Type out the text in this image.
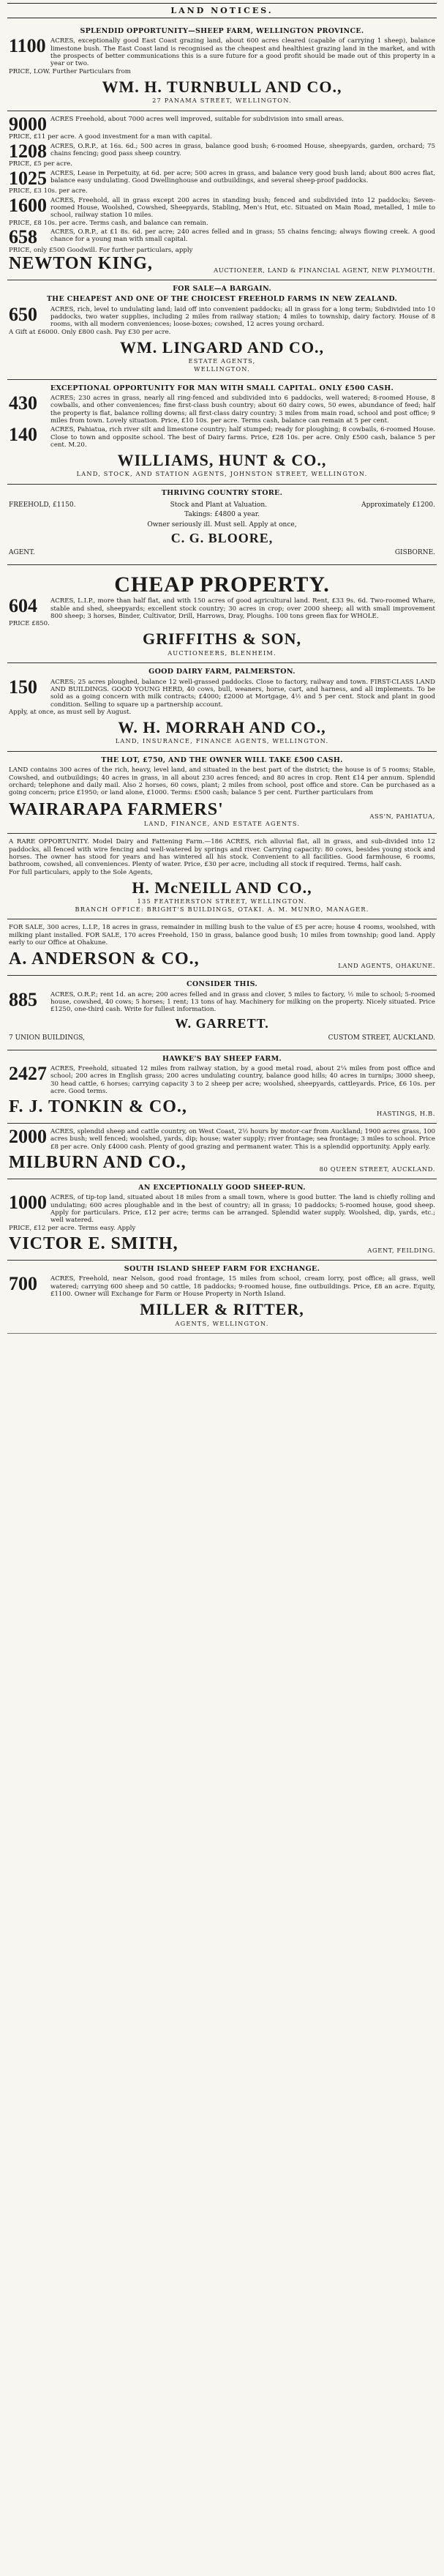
LAND NOTICES.
SPLENDID OPPORTUNITY—SHEEP FARM, WELLINGTON PROVINCE.
1100 ACRES, exceptionally good East Coast grazing land, about 600 acres cleared (capable of carrying 1 sheep), balance limestone bush. The East Coast land is recognised as the cheapest and healthiest grazing land in the market, and with the prospects of better communications this is a sure future for a good profit should be made out of this property in a year or two.
PRICE, LOW. Further Particulars from
WM. H. TURNBULL AND CO.,
27 PANAMA STREET, WELLINGTON.
9000 ACRES Freehold, about 7000 acres well improved, suitable for subdivision into small areas.
PRICE, £11 per acre. A good investment for a man with capital.
1208 ACRES, O.R.P., at 16s. 6d.; 500 acres in grass, balance good bush; 6-roomed House, sheepyards, garden, orchard; 75 chains fencing; good pass sheep country.
PRICE, £5 per acre.
1025 ACRES, Lease in Perpetuity, at 6d. per acre; 500 acres in grass, and balance very good bush land; about 800 acres flat, balance easy undulating. Good Dwellinghouse and outbuildings, and several sheep-proof paddocks.
PRICE, £3 10s. per acre.
1600 ACRES, Freehold, all in grass except 200 acres in standing bush; fenced and subdivided into 12 paddocks; Seven-roomed House, Woolshed, Cowshed, Sheepyards, Stabling, Men's Hut, etc. Situated on Main Road, metalled, 1 mile to school, railway station 10 miles.
PRICE, £8 10s. per acre. Terms cash, and balance can remain.
658	ACRES, O.R.P., at £1 8s. 6d. per acre; 240 acres felled and in grass; 55 chains fencing; always flowing creek. A good chance for a young man with small capital.
PRICE, only £500 Goodwill. For further particulars, apply
NEWTON KING,	AUCTIONEER, LAND & FINANCIAL AGENT, NEW PLYMOUTH.
FOR SALE—A BARGAIN.
THE CHEAPEST AND ONE OF THE CHOICEST FREEHOLD FARMS IN NEW ZEALAND.
650	ACRES, rich, level to undulating land; laid off into convenient paddocks; all in grass for a long term; Subdivided into 10 paddocks, two water supplies, including 2 miles from railway station; 4 miles to township, dairy factory. House of 8 rooms, with all modern conveniences; loose-boxes; cowshed, 12 acres young orchard.
A Gift at £6000. Only £800 cash. Pay £30 per acre.
WM. LINGARD AND CO.,
ESTATE AGENTS,
WELLINGTON.
EXCEPTIONAL OPPORTUNITY FOR MAN WITH SMALL CAPITAL. ONLY £500 CASH.
430	ACRES; 230 acres in grass, nearly all ring-fenced and subdivided into 6 paddocks, well watered; 8-roomed House, 8 cowballs, and other conveniences; fine first-class bush country; about 60 dairy cows, 50 ewes, abundance of feed; half the property is flat, balance rolling downs; all first-class dairy country; 3 miles from main road, school and post office; 9 miles from town. Lovely situation. Price, £10 10s. per acre. Terms cash, balance can remain at 5 per cent.
140	ACRES, Pahiatua, rich river silt and limestone country; half stumped; ready for ploughing; 8 cowbails, 6-roomed House. Close to town and opposite school. The best of Dairy farms. Price, £28 10s. per acre. Only £500 cash, balance 5 per cent. M.20.
WILLIAMS, HUNT & CO.,
LAND, STOCK, AND STATION AGENTS, JOHNSTON STREET, WELLINGTON.
THRIVING COUNTRY STORE.
FREEHOLD, £1150.	Stock and Plant at Valuation.	Approximately £1200.
Takings: £4800 a year.
Owner seriously ill. Must sell. Apply at once,
C. G. BLOORE,
AGENT.	GISBORNE.
CHEAP PROPERTY.
604	ACRES, L.I.P., more than half flat, and with 150 acres of good agricultural land. Rent, £33 9s. 6d. Two-roomed Whare, stable and shed, sheepyards; excellent stock country; 30 acres in crop; over 2000 sheep; all with small improvement 800 sheep; 3 horses, Binder, Cultivator, Drill, Harrows, Dray, Ploughs. 100 tons green flax for WHOLE.
PRICE £850.
GRIFFITHS & SON,
AUCTIONEERS, BLENHEIM.
GOOD DAIRY FARM, PALMERSTON.
150	ACRES; 25 acres ploughed, balance 12 well-grassed paddocks. Close to factory, railway and town. FIRST-CLASS LAND AND BUILDINGS. GOOD YOUNG HERD, 40 cows, bull, weaners, horse, cart, and harness, and all implements. To be sold as a going concern with milk contracts; £4000; £2000 at Mortgage, 4½ and 5 per cent. Stock and plant in good condition. Selling to square up a partnership account.
Apply, at once, as must sell by August.
W. H. MORRAH AND CO.,
LAND, INSURANCE, FINANCE AGENTS, WELLINGTON.
THE LOT, £750, AND THE OWNER WILL TAKE £500 CASH.
LAND contains 300 acres of the rich, heavy, level land, and situated in the best part of the district; the house is of 5 rooms; Stable, Cowshed, and outbuildings; 40 acres in grass, in all about 230 acres fenced; and 80 acres in crop. Rent £14 per annum. Splendid orchard; telephone and daily mail. Also 2 horses, 60 cows, plant; 2 miles from school, post office and store. Can be purchased as a going concern; price £1950; or land alone, £1000. Terms: £500 cash; balance 5 per cent. Further particulars from
WAIRARAPA FARMERS'	ASS'N, PAHIATUA,
LAND, FINANCE, AND ESTATE AGENTS.
A RARE OPPORTUNITY. Model Dairy and Fattening Farm.—186 ACRES, rich alluvial flat, all in grass, and sub-divided into 12 paddocks, all fenced with wire fencing and well-watered by springs and river. Carrying capacity: 80 cows, besides young stock and horses. The owner has stood for years and has wintered all his stock. Convenient to all facilities. Good farmhouse, 6 rooms, bathroom, cowshed, all conveniences. Plenty of water. Price, £30 per acre, including all stock if required. Terms, half cash.
For full particulars, apply to the Sole Agents,
H. McNEILL AND CO.,
135 FEATHERSTON STREET, WELLINGTON.
BRANCH OFFICE: BRIGHT'S BUILDINGS, OTAKI. A. M. MUNRO, MANAGER.
FOR SALE, 300 acres, L.I.P., 18 acres in grass, remainder in milling bush to the value of £5 per acre; house 4 rooms, woolshed, with milking plant installed. FOR SALE, 170 acres Freehold, 150 in grass, balance good bush; 10 miles from township; good land. Apply early to our Office at Ohakune.
A. ANDERSON & CO.,	LAND AGENTS, OHAKUNE.
CONSIDER THIS.
885	ACRES, O.R.P.; rent 1d. an acre; 200 acres felled and in grass and clover, 5 miles to factory, ½ mile to school; 5-roomed house, cowshed, 40 cows; 5 horses; 1 rent; 13 tons of hay. Machinery for milking on the property. Nicely situated. Price £1250, one-third cash. Write for fullest information.
W. GARRETT.
7 UNION BUILDINGS,	CUSTOM STREET, AUCKLAND.
HAWKE'S BAY SHEEP FARM.
2427 ACRES, Freehold, situated 12 miles from railway station, by a good metal road, about 2¼ miles from post office and school; 200 acres in English grass; 200 acres undulating country, balance good hills; 40 acres in turnips; 3000 sheep, 30 head cattle, 6 horses; carrying capacity 3 to 2 sheep per acre; woolshed, sheepyards, cattleyards. Price, £6 10s. per acre. Good terms.
F. J. TONKIN & CO.,	HASTINGS, H.B.
2000 ACRES, splendid sheep and cattle country, on West Coast, 2½ hours by motor-car from Auckland; 1900 acres grass, 100 acres bush; well fenced; woolshed, yards, dip; house; water supply; river frontage; sea frontage; 3 miles to school. Price £8 per acre. Only £4000 cash. Plenty of good grazing and permanent water. This is a splendid opportunity. Apply early.
MILBURN AND CO.,	80 QUEEN STREET, AUCKLAND.
AN EXCEPTIONALLY GOOD SHEEP-RUN.
1000 ACRES, of tip-top land, situated about 18 miles from a small town, where is good butter. The land is chiefly rolling and undulating; 600 acres ploughable and in the best of country; all in grass; 10 paddocks; 5-roomed house, good sheep. Apply for particulars. Price, £12 per acre; terms can be arranged. Splendid water supply. Woolshed, dip, yards, etc.; well watered.
PRICE, £12 per acre. Terms easy. Apply
VICTOR E. SMITH,	AGENT, FEILDING.
SOUTH ISLAND SHEEP FARM FOR EXCHANGE.
700	ACRES, Freehold, near Nelson, good road frontage, 15 miles from school, cream lorry, post office; all grass, well watered; carrying 600 sheep and 50 cattle, 18 paddocks; 9-roomed house, fine outbuildings. Price, £8 an acre. Equity, £1100. Owner will Exchange for Farm or House Property in North Island.
MILLER & RITTER,
AGENTS, WELLINGTON.
